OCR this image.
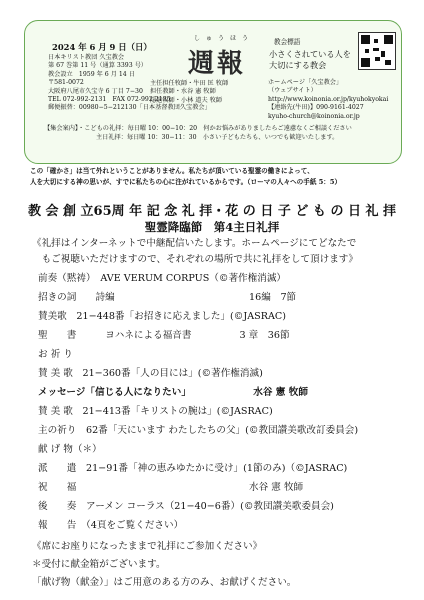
2024 年 6 月 9 日（日）
日本キリスト教団 久宝教会
第 67 巻第 11 号（通算 3393 号）
教会設立　1959 年 6 月 14 日
〒581-0072
大阪府八尾市久宝寺 6 丁目 7−30
TEL 072-992-2131　FAX 072-992-2135
郵便振替：00980−5−212130「日本基督教団久宝教会」
しゅうほう
週報
主任担任牧師・牛田 匡 牧師
担任教師・水谷 憲 牧師
隠退牧師・小林 道夫 牧師
教会標語
小さくされている人を
大切にする教会
ホームページ「久宝教会」
（ウェブサイト）
http://www.koinonia.or.jp/kyuhokyokai
【連絡先(牛田)】090-9161-4027
kyuho-church@koinonia.or.jp
【集会案内】・こどもの礼拝：毎日曜 10：00−10：20　何かお悩みがありましたらご遠慮なくご相談ください
主日礼拝：毎日曜 10：30−11：30　小さい子どもたちも、いつでも歓迎いたします。
この「確かさ」は当て外れということがありません。私たちが頂いている聖霊の働きによって、
人を大切にする神の思いが、すでに私たちの心に注がれているからです。（ローマの人々への手紙 5：5）
教 会 創 立65周 年 記 念 礼 拝・花 の 日 子 ど も の 日 礼 拝
聖霊降臨節　第4主日礼拝
《礼拝はインターネットで中継配信いたします。ホームページにてどなたで
　もご視聴いただけますので、それぞれの場所で共に礼拝をして頂けます》
前奏（黙祷）　AVE VERUM CORPUS（©著作権消滅）
招きの詞　　詩編　　　　　　　　　　　　　　16編　7節
賛美歌　21−448番「お招きに応えました」(©JASRAC)
聖　　書　　　ヨハネによる福音書　　　　　3 章　36節
お 祈 り
賛 美 歌　21−360番「人の目には」(©著作権消滅)
メッセージ「信じる人になりたい」　　　　　　　水谷 憲 牧師
賛 美 歌　21−413番「キリストの腕は」(©JASRAC)
主の祈り　62番「天にいます わたしたちの父」(©教団讃美歌改訂委員会)
献 げ 物（＊）
派　　遣　21−91番「神の恵みゆたかに受け」(1節のみ)（©JASRAC)
祝　　福　　　　　　　　　　　　　　　　　　水谷 憲 牧師
後　　奏　アーメン コーラス（21−40−6番）(©教団讃美歌委員会)
報　　告　（4頁をご覧ください）
《席にお座りになったままで礼拝にご参加ください》
＊受付に献金箱がございます。
「献げ物（献金）」はご用意のある方のみ、お献げください。
